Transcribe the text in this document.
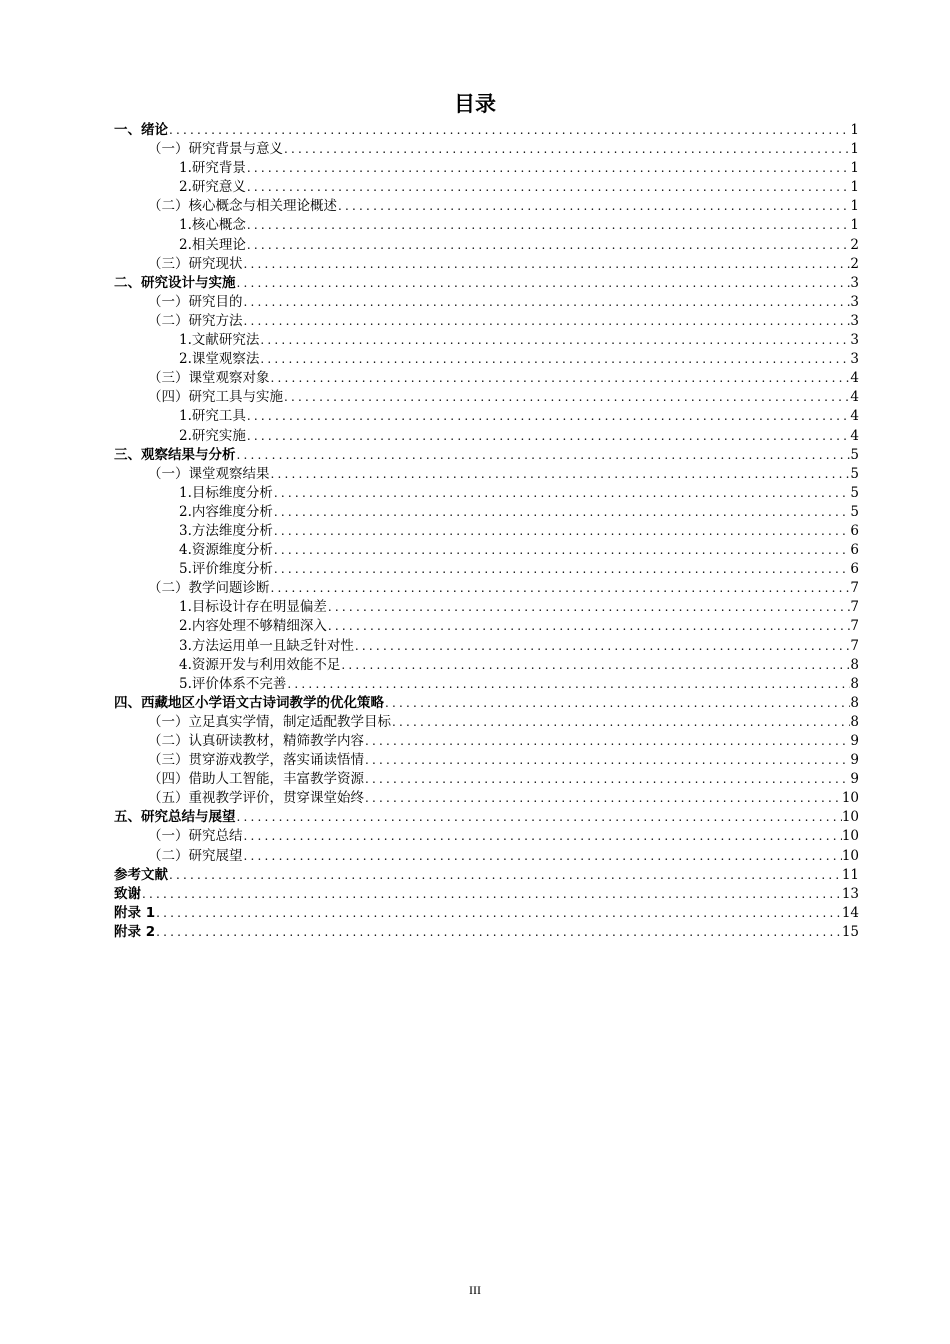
目录
一、绪论 .....	1
（一）研究背景与意义 .....	1
1.研究背景 .....	1
2.研究意义 .....	1
（二）核心概念与相关理论概述 .....	1
1.核心概念 .....	1
2.相关理论 .....	2
（三）研究现状 .....	2
二、研究设计与实施 .....	3
（一）研究目的 .....	3
（二）研究方法 .....	3
1.文献研究法 .....	3
2.课堂观察法 .....	3
（三）课堂观察对象 .....	4
（四）研究工具与实施 .....	4
1.研究工具 .....	4
2.研究实施 .....	4
三、观察结果与分析 .....	5
（一）课堂观察结果 .....	5
1.目标维度分析 .....	5
2.内容维度分析 .....	5
3.方法维度分析 .....	6
4.资源维度分析 .....	6
5.评价维度分析 .....	6
（二）教学问题诊断 .....	7
1.目标设计存在明显偏差 .....	7
2.内容处理不够精细深入 .....	7
3.方法运用单一且缺乏针对性 .....	7
4.资源开发与利用效能不足 .....	8
5.评价体系不完善 .....	8
四、西藏地区小学语文古诗词教学的优化策略 .....	8
（一）立足真实学情，制定适配教学目标 .....	8
（二）认真研读教材，精筛教学内容 .....	9
（三）贯穿游戏教学，落实诵读悟情 .....	9
（四）借助人工智能，丰富教学资源 .....	9
（五）重视教学评价，贯穿课堂始终 .....	10
五、研究总结与展望 .....	10
（一）研究总结 .....	10
（二）研究展望 .....	10
参考文献 .....	11
致谢 .....	13
附录 1 .....	14
附录 2 .....	15
III
